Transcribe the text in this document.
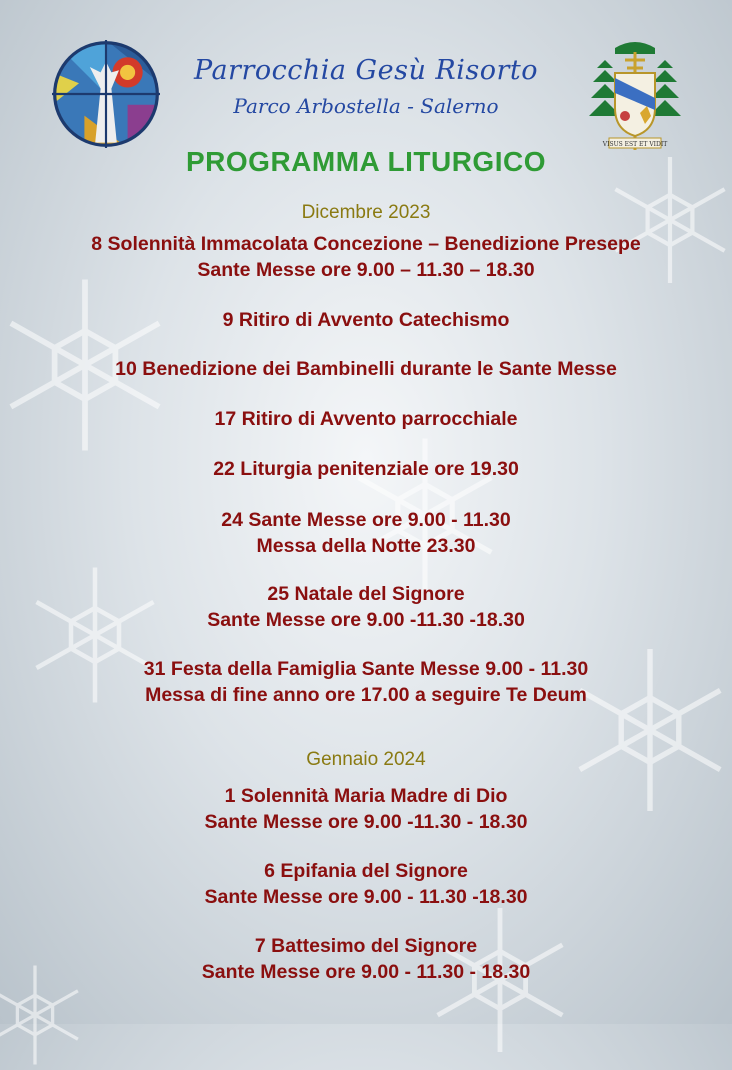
Parrocchia Gesù Risorto
Parco Arbostella - Salerno
VISUS EST ET VIDIT
PROGRAMMA LITURGICO
Dicembre 2023
8 Solennità Immacolata Concezione – Benedizione Presepe
Sante Messe ore 9.00 – 11.30 – 18.30
9 Ritiro di Avvento Catechismo
10 Benedizione dei Bambinelli durante le Sante Messe
17 Ritiro di Avvento parrocchiale
22 Liturgia penitenziale ore 19.30
24 Sante Messe ore 9.00 - 11.30
Messa della Notte 23.30
25 Natale del Signore
Sante Messe ore 9.00 -11.30 -18.30
31 Festa della Famiglia Sante Messe 9.00 - 11.30
Messa di fine anno ore 17.00 a seguire Te Deum
Gennaio 2024
1 Solennità Maria Madre di Dio
Sante Messe ore 9.00 -11.30 - 18.30
6 Epifania del Signore
Sante Messe ore 9.00 - 11.30 -18.30
7 Battesimo del Signore
Sante Messe ore 9.00 - 11.30 - 18.30
